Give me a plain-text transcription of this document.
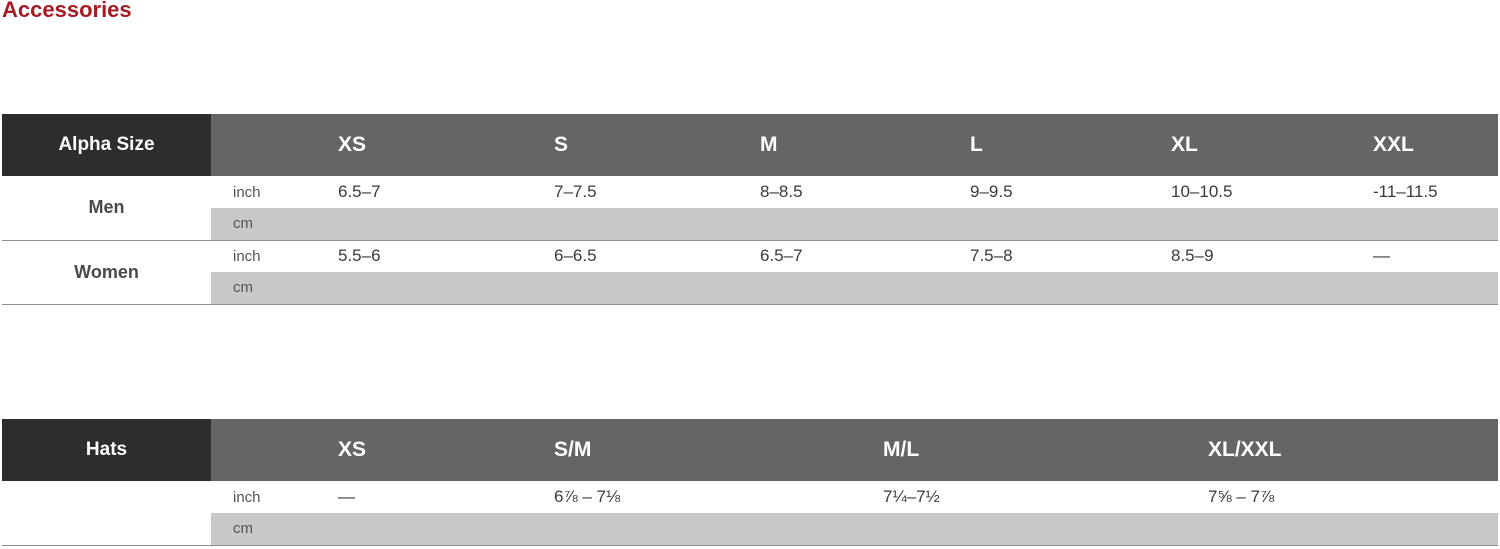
Accessories
Alpha Size		XS	S	M	L	XL	XXL
Men	inch	6.5–7	7–7.5	8–8.5	9–9.5	10–10.5	-11–11.5
	cm						
Women	inch	5.5–6	6–6.5	6.5–7	7.5–8	8.5–9	—
	cm						
Hats		XS	S/M	M/L	XL/XXL
	inch	—	6⅞ – 7⅛	7¼–7½	7⅝ – 7⅞
	cm				
